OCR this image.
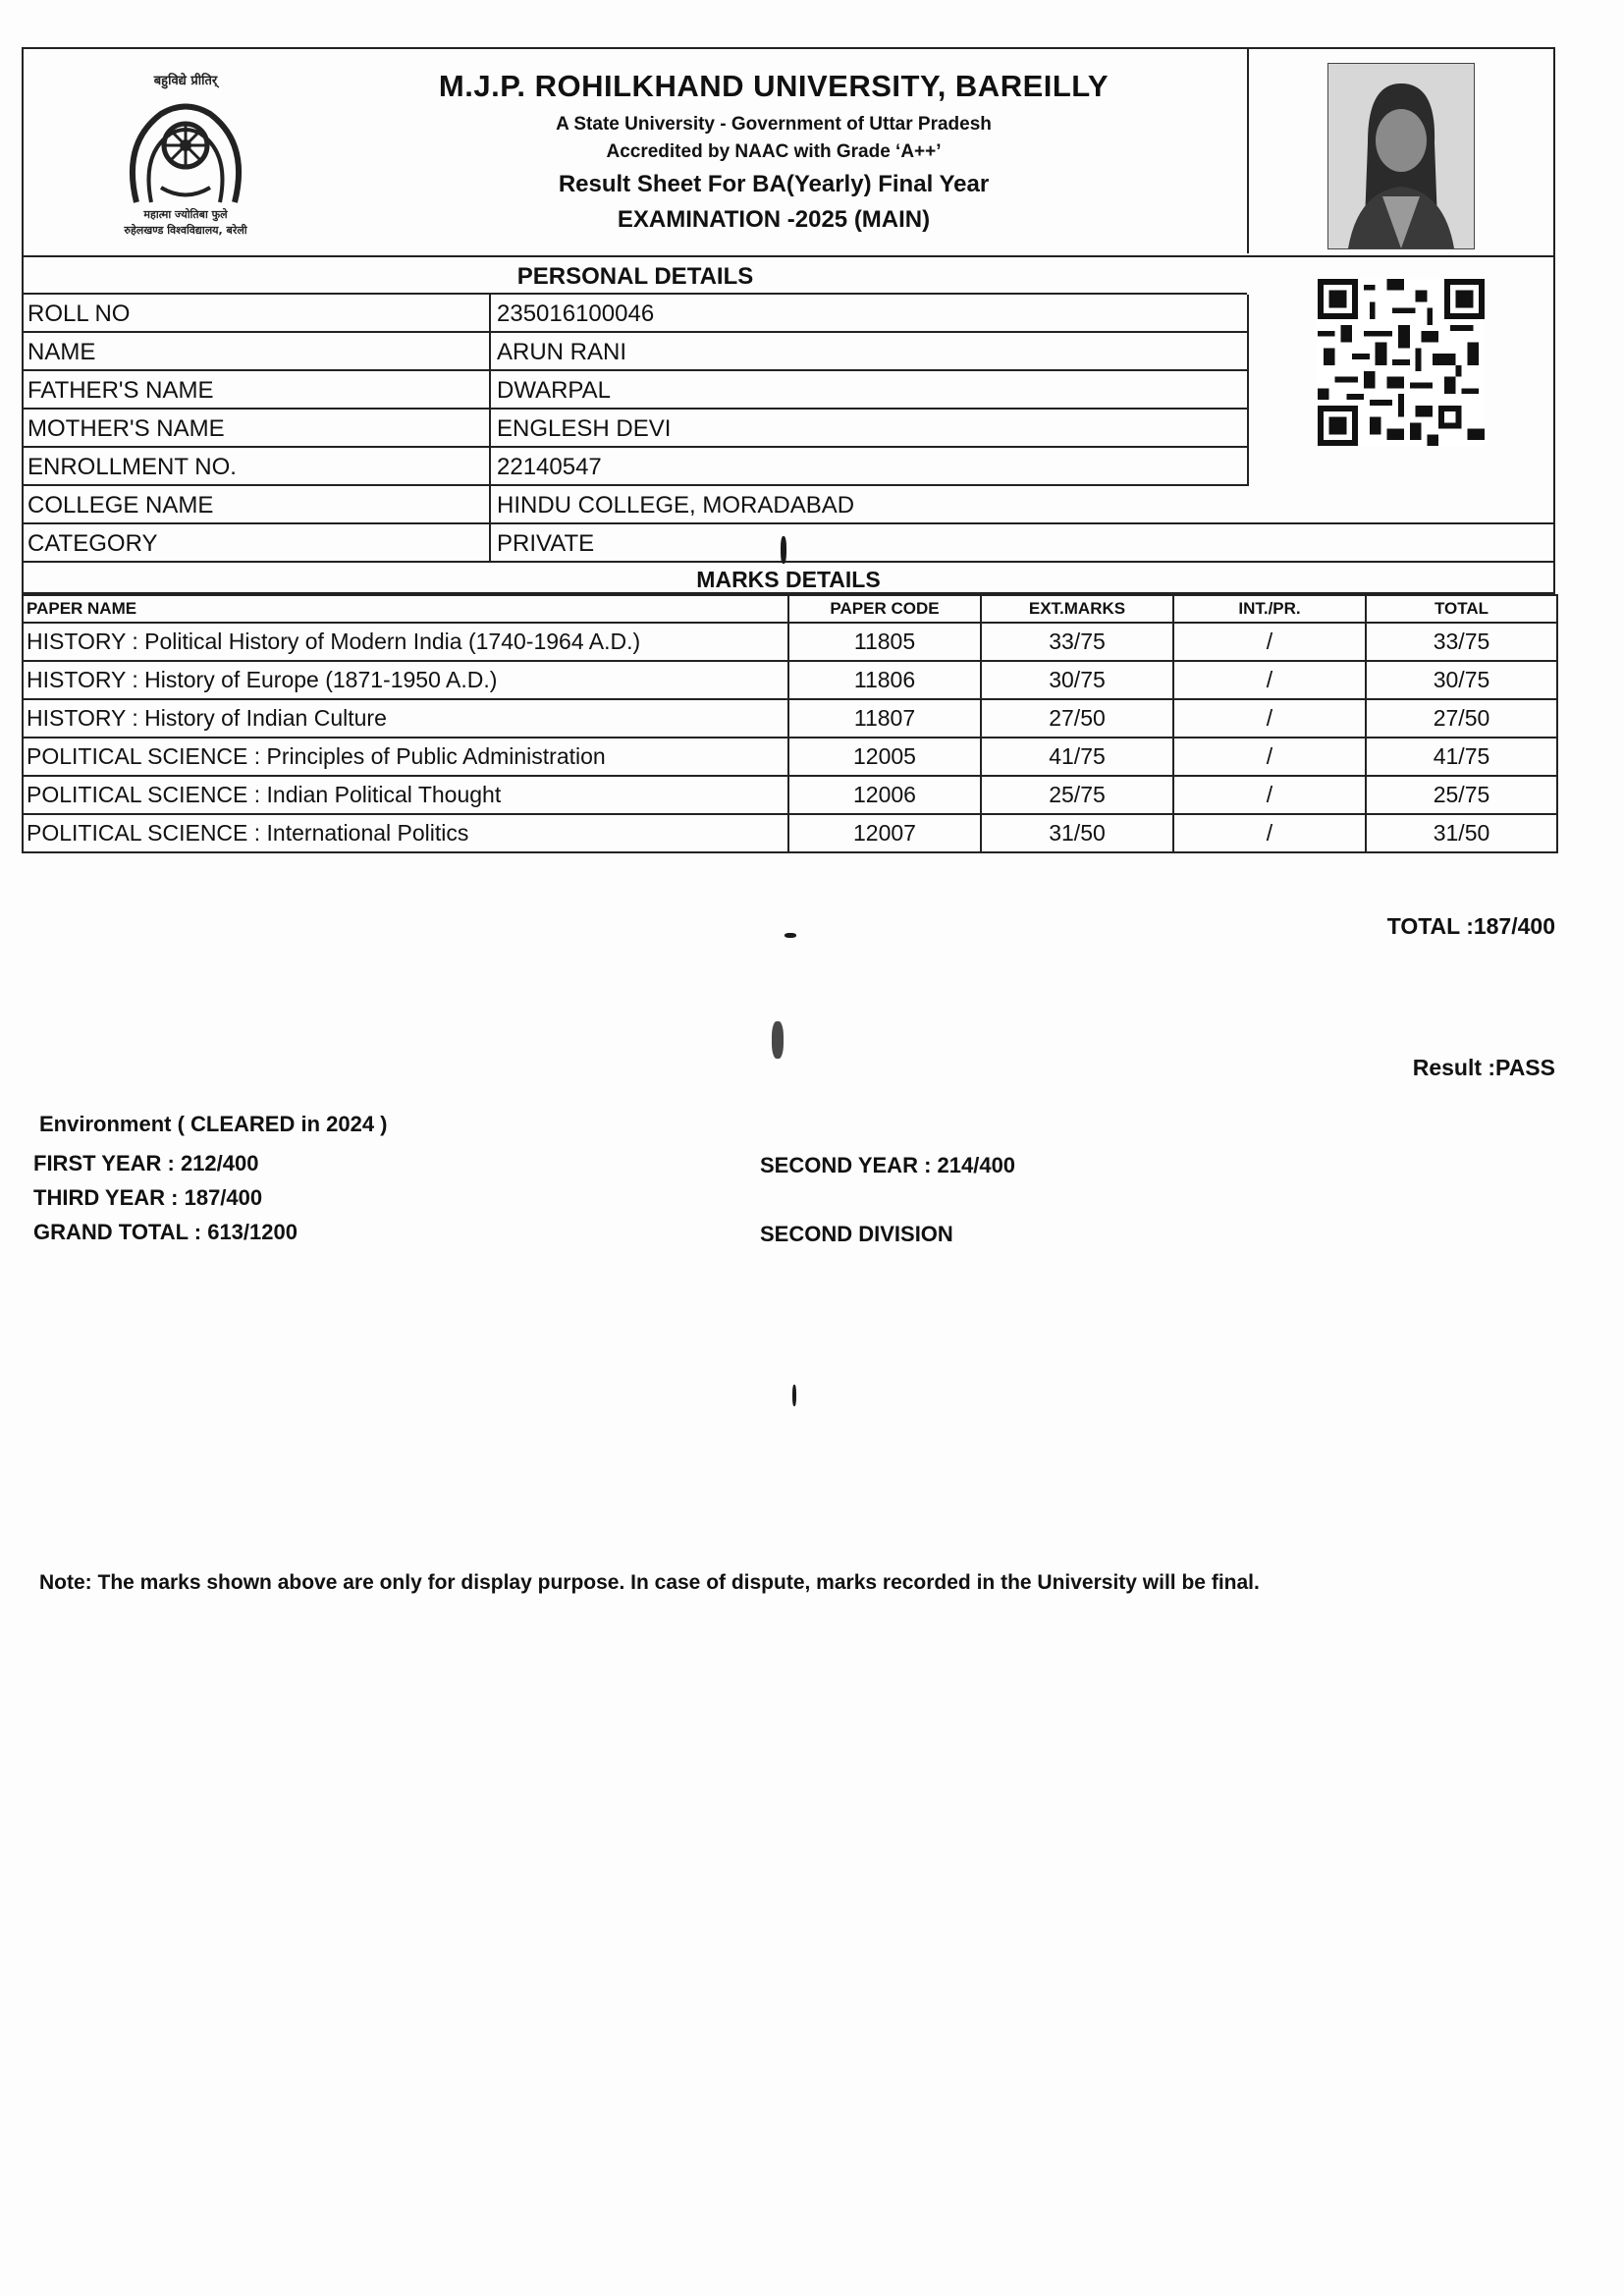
बहुविद्ये प्रीतिर्
महात्मा ज्योतिबा फुले
रुहेलखण्ड विश्वविद्यालय, बरेली
M.J.P. ROHILKHAND UNIVERSITY, BAREILLY
A State University - Government of Uttar Pradesh
Accredited by NAAC with Grade ‘A++’
Result Sheet For BA(Yearly) Final Year
EXAMINATION -2025 (MAIN)
PERSONAL DETAILS
ROLL NO	235016100046
NAME	ARUN RANI
FATHER'S NAME	DWARPAL
MOTHER'S NAME	ENGLESH DEVI
ENROLLMENT NO.	22140547
COLLEGE NAME	HINDU COLLEGE, MORADABAD
CATEGORY	PRIVATE
MARKS DETAILS
PAPER NAME	PAPER CODE	EXT.MARKS	INT./PR.	TOTAL
HISTORY : Political History of Modern India (1740-1964 A.D.)	11805	33/75	/	33/75
HISTORY : History of Europe (1871-1950 A.D.)	11806	30/75	/	30/75
HISTORY : History of Indian Culture	11807	27/50	/	27/50
POLITICAL SCIENCE : Principles of Public Administration	12005	41/75	/	41/75
POLITICAL SCIENCE : Indian Political Thought	12006	25/75	/	25/75
POLITICAL SCIENCE : International Politics	12007	31/50	/	31/50
TOTAL :187/400
Result :PASS
Environment ( CLEARED in 2024 )
FIRST YEAR : 212/400	SECOND YEAR : 214/400
THIRD YEAR : 187/400
GRAND TOTAL : 613/1200	SECOND DIVISION
Note: The marks shown above are only for display purpose. In case of dispute, marks recorded in the University will be final.
